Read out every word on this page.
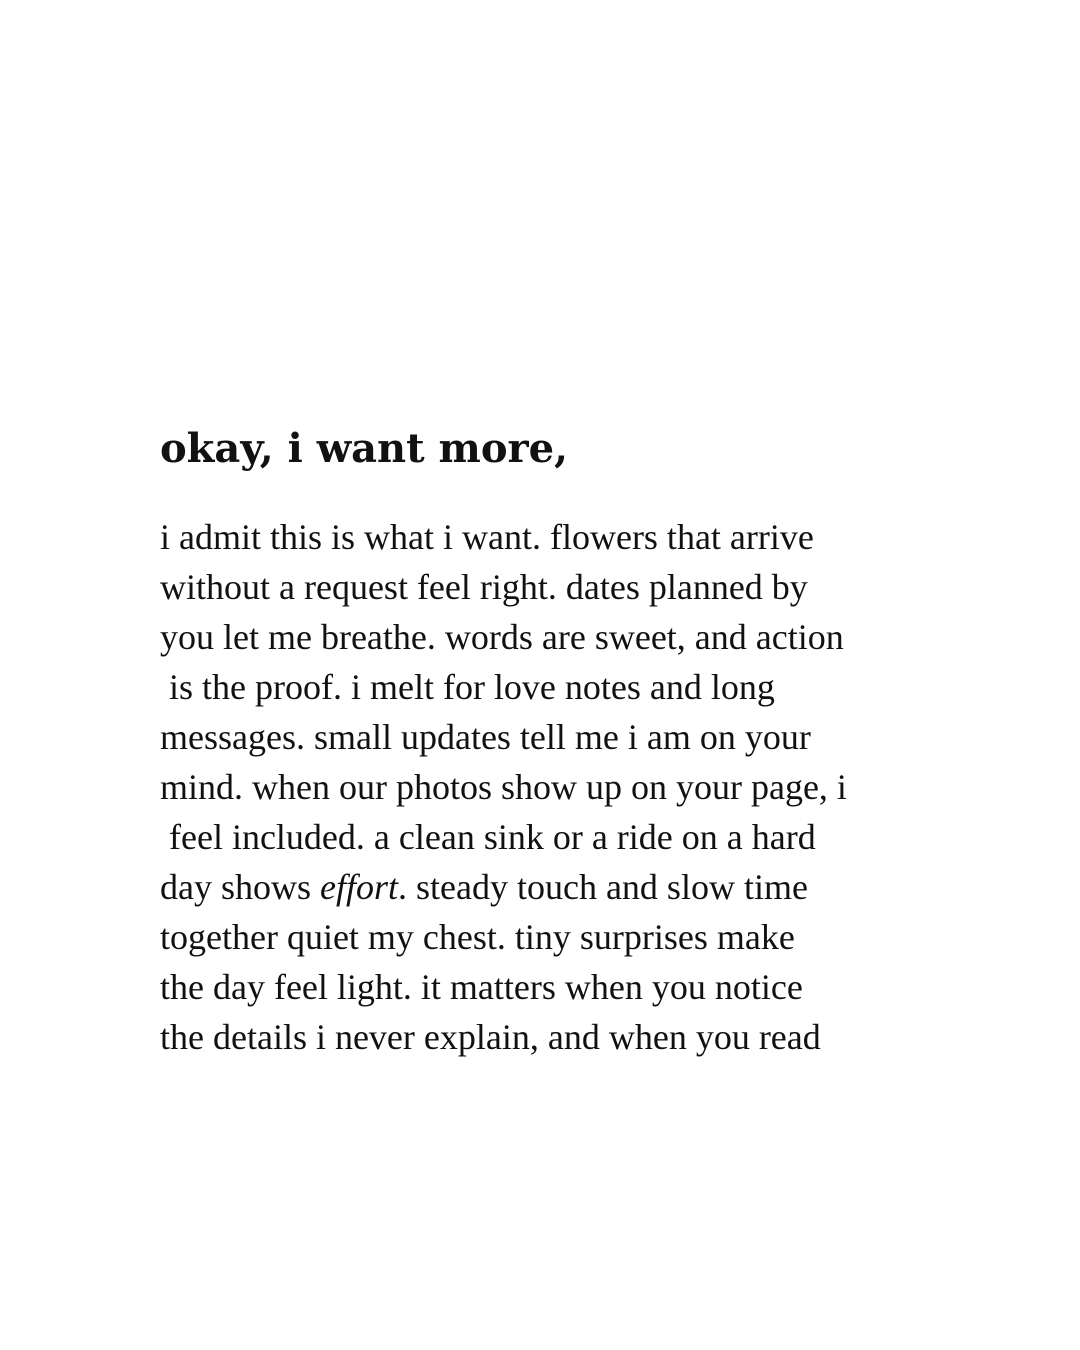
okay, i want more,
i admit this is what i want. flowers that arrive
without a request feel right. dates planned by
you let me breathe. words are sweet, and action
is the proof. i melt for love notes and long
messages. small updates tell me i am on your
mind. when our photos show up on your page, i
feel included. a clean sink or a ride on a hard
day shows effort. steady touch and slow time
together quiet my chest. tiny surprises make
the day feel light. it matters when you notice
the details i never explain, and when you read
